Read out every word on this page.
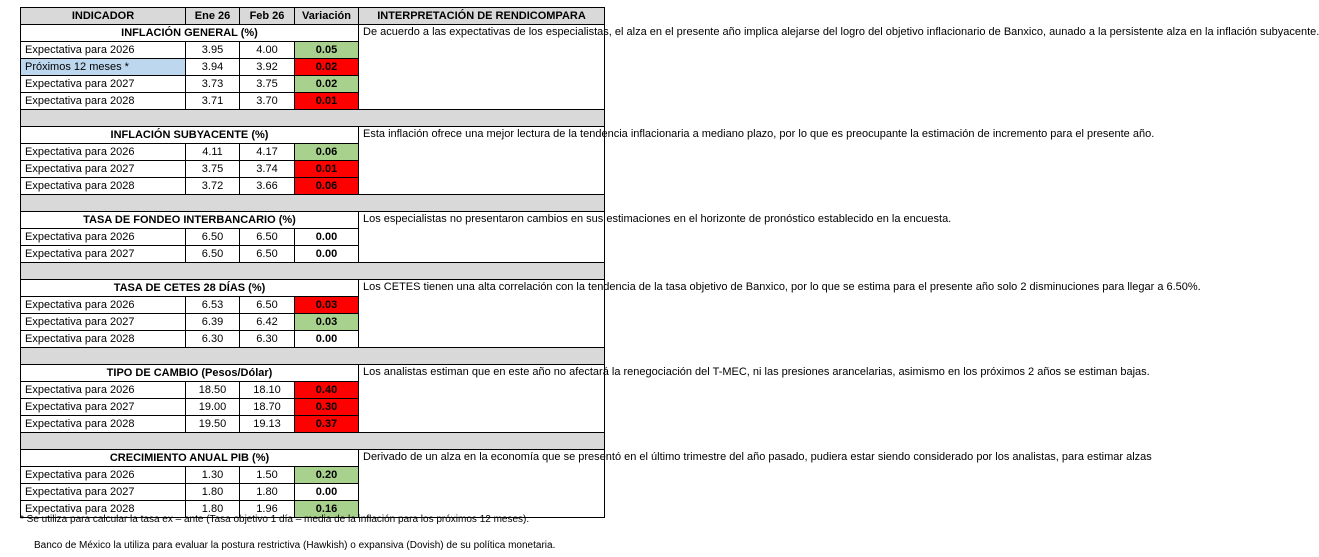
INDICADOR	Ene 26	Feb 26	Variación	INTERPRETACIÓN DE RENDICOMPARA
INFLACIÓN GENERAL (%)				De acuerdo a las expectativas de los especialistas, el alza en el presente año implica alejarse del logro del objetivo inflacionario de Banxico, aunado a la persistente alza en la inflación subyacente.
Expectativa para 2026	3.95	4.00	0.05	
Próximos 12 meses *	3.94	3.92	0.02	
Expectativa para 2027	3.73	3.75	0.02	
Expectativa para 2028	3.71	3.70	0.01	

INFLACIÓN SUBYACENTE (%)				Esta inflación ofrece una mejor lectura de la tendencia inflacionaria a mediano plazo, por lo que es preocupante la estimación de incremento para el presente año.
Expectativa para 2026	4.11	4.17	0.06	
Expectativa para 2027	3.75	3.74	0.01	
Expectativa para 2028	3.72	3.66	0.06	

TASA DE FONDEO INTERBANCARIO (%)				Los especialistas no presentaron cambios en sus estimaciones en el horizonte de pronóstico establecido en la encuesta.
Expectativa para 2026	6.50	6.50	0.00	
Expectativa para 2027	6.50	6.50	0.00	

TASA DE CETES 28 DÍAS (%)				Los CETES tienen una alta correlación con la tendencia de la tasa objetivo de Banxico, por lo que se estima para el presente año solo 2 disminuciones para llegar a 6.50%.
Expectativa para 2026	6.53	6.50	0.03	
Expectativa para 2027	6.39	6.42	0.03	
Expectativa para 2028	6.30	6.30	0.00	

TIPO DE CAMBIO (Pesos/Dólar)				Los analistas estiman que en este año no afectará la renegociación del T-MEC, ni las presiones arancelarias, asimismo en los próximos 2 años se estiman bajas.
Expectativa para 2026	18.50	18.10	0.40	
Expectativa para 2027	19.00	18.70	0.30	
Expectativa para 2028	19.50	19.13	0.37	

CRECIMIENTO ANUAL PIB (%)				Derivado de un alza en la economía que se presentó en el último trimestre del año pasado, pudiera estar siendo considerado por los analistas, para estimar alzas
Expectativa para 2026	1.30	1.50	0.20	
Expectativa para 2027	1.80	1.80	0.00	
Expectativa para 2028	1.80	1.96	0.16	
* Se utiliza para calcular la tasa ex – ante (Tasa objetivo 1 día – media de la inflación para los próximos 12 meses).
Banco de México la utiliza para evaluar la postura restrictiva (Hawkish) o expansiva (Dovish) de su política monetaria.
